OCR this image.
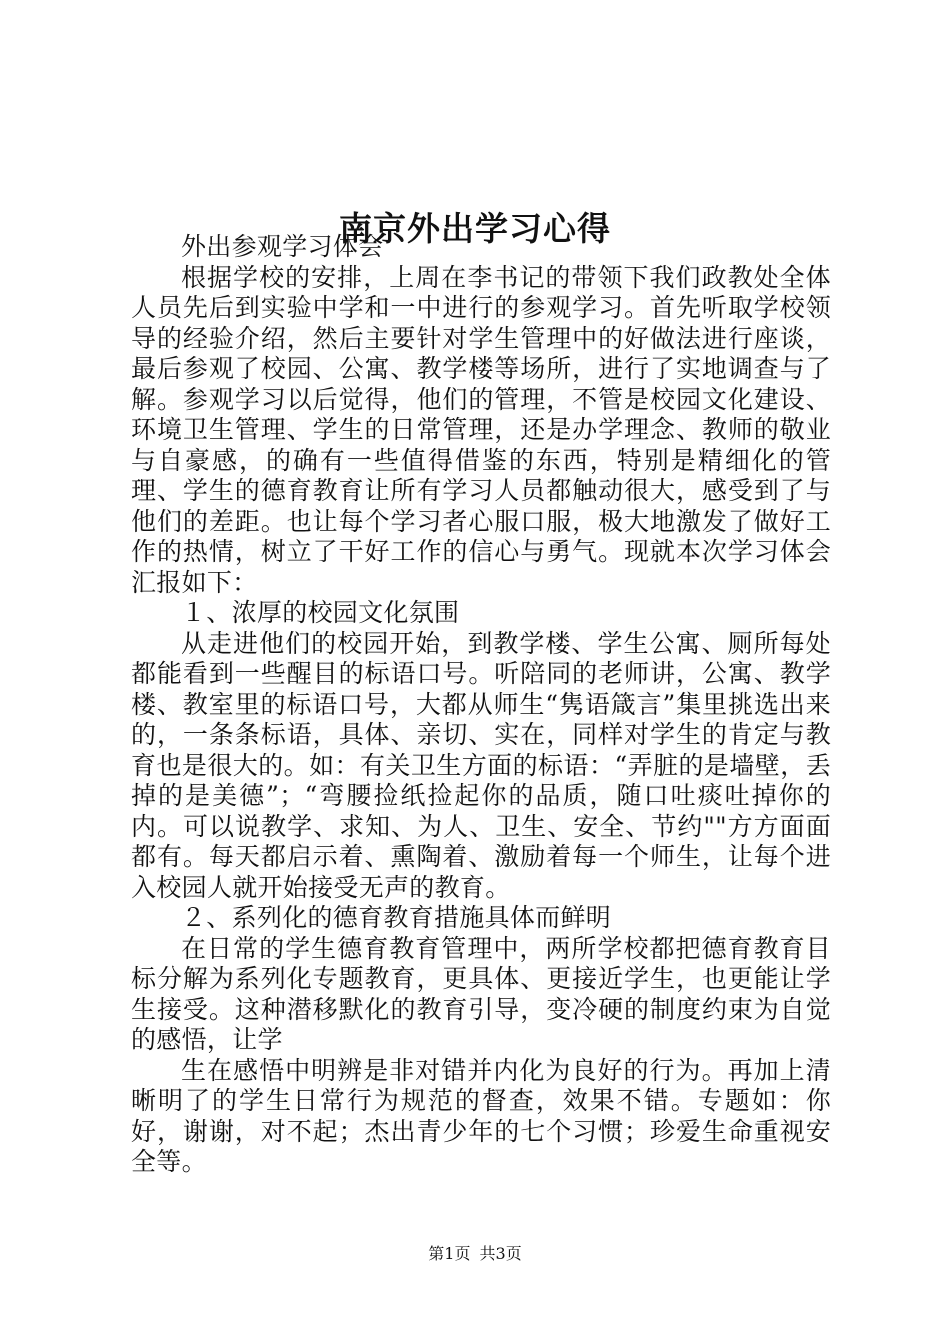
南京外出学习心得

外出参观学习体会

根据学校的安排，上周在李书记的带领下我们政教处全体人员先后到实验中学和一中进行的参观学习。首先听取学校领导的经验介绍，然后主要针对学生管理中的好做法进行座谈，最后参观了校园、公寓、教学楼等场所，进行了实地调查与了解。参观学习以后觉得，他们的管理，不管是校园文化建设、环境卫生管理、学生的日常管理，还是办学理念、教师的敬业与自豪感，的确有一些值得借鉴的东西，特别是精细化的管理、学生的德育教育让所有学习人员都触动很大，感受到了与他们的差距。也让每个学习者心服口服，极大地激发了做好工作的热情，树立了干好工作的信心与勇气。现就本次学习体会汇报如下：

１、浓厚的校园文化氛围

从走进他们的校园开始，到教学楼、学生公寓、厕所每处都能看到一些醒目的标语口号。听陪同的老师讲，公寓、教学楼、教室里的标语口号，大都从师生“隽语箴言”集里挑选出来的，一条条标语，具体、亲切、实在，同样对学生的肯定与教育也是很大的。如：有关卫生方面的标语：“弄脏的是墙壁，丢掉的是美德”；“弯腰捡纸捡起你的品质，随口吐痰吐掉你的内。可以说教学、求知、为人、卫生、安全、节约""方方面面都有。每天都启示着、熏陶着、激励着每一个师生，让每个进入校园人就开始接受无声的教育。

２、系列化的德育教育措施具体而鲜明

在日常的学生德育教育管理中，两所学校都把德育教育目标分解为系列化专题教育，更具体、更接近学生，也更能让学生接受。这种潜移默化的教育引导，变冷硬的制度约束为自觉的感悟，让学

生在感悟中明辨是非对错并内化为良好的行为。再加上清晰明了的学生日常行为规范的督查，效果不错。专题如：你好，谢谢，对不起；杰出青少年的七个习惯；珍爱生命重视安全等。

第1页 共3页
